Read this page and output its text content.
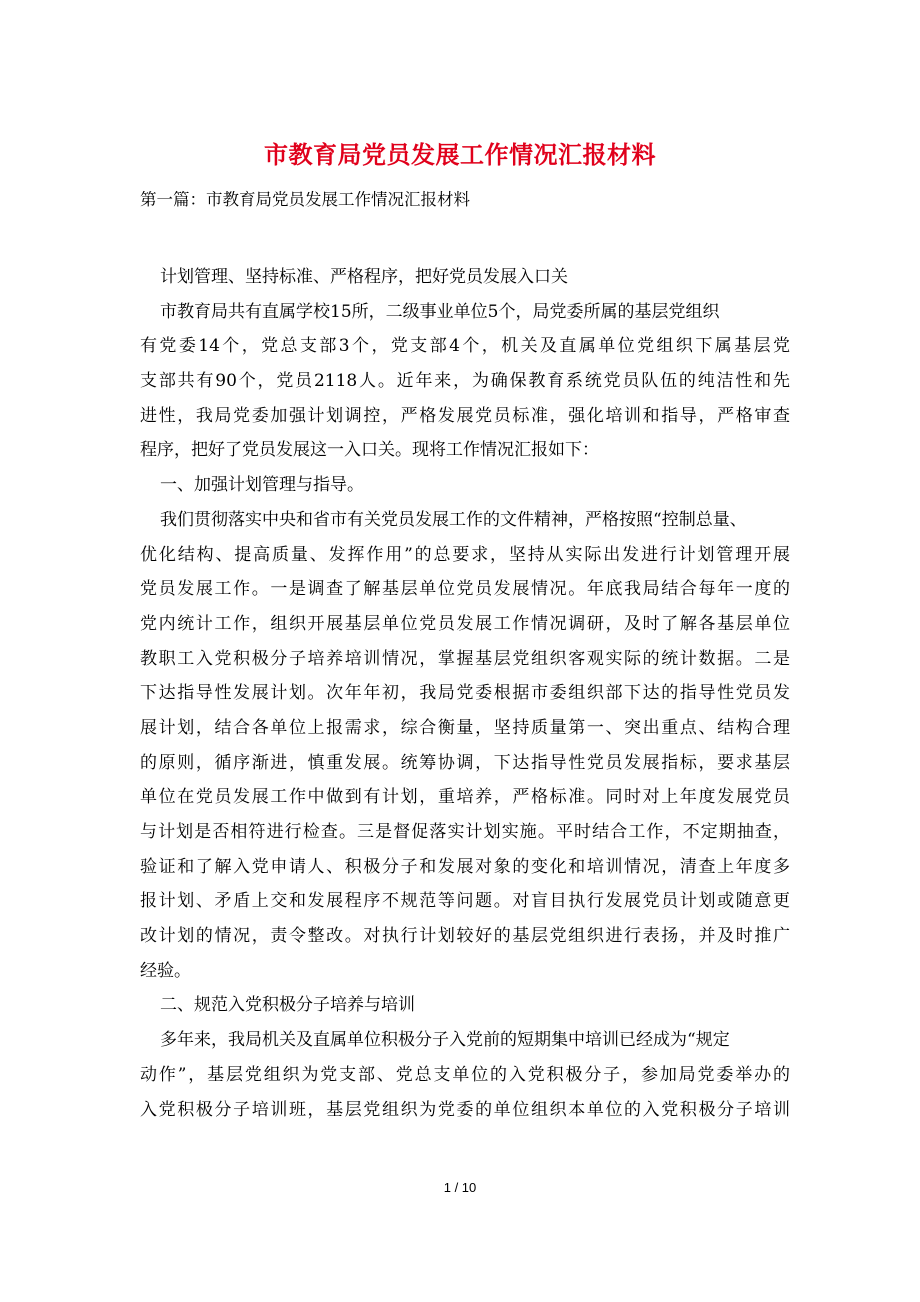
市教育局党员发展工作情况汇报材料
第一篇：市教育局党员发展工作情况汇报材料
计划管理、坚持标准、严格程序，把好党员发展入口关
市教育局共有直属学校15所，二级事业单位5个，局党委所属的基层党组织
有党委14个，党总支部3个，党支部4个，机关及直属单位党组织下属基层党
支部共有90个，党员2118人。近年来，为确保教育系统党员队伍的纯洁性和先
进性，我局党委加强计划调控，严格发展党员标准，强化培训和指导，严格审查
程序，把好了党员发展这一入口关。现将工作情况汇报如下：
一、加强计划管理与指导。
我们贯彻落实中央和省市有关党员发展工作的文件精神，严格按照“控制总量、
优化结构、提高质量、发挥作用”的总要求，坚持从实际出发进行计划管理开展
党员发展工作。一是调查了解基层单位党员发展情况。年底我局结合每年一度的
党内统计工作，组织开展基层单位党员发展工作情况调研，及时了解各基层单位
教职工入党积极分子培养培训情况，掌握基层党组织客观实际的统计数据。二是
下达指导性发展计划。次年年初，我局党委根据市委组织部下达的指导性党员发
展计划，结合各单位上报需求，综合衡量，坚持质量第一、突出重点、结构合理
的原则，循序渐进，慎重发展。统筹协调，下达指导性党员发展指标，要求基层
单位在党员发展工作中做到有计划，重培养，严格标准。同时对上年度发展党员
与计划是否相符进行检查。三是督促落实计划实施。平时结合工作，不定期抽查，
验证和了解入党申请人、积极分子和发展对象的变化和培训情况，清查上年度多
报计划、矛盾上交和发展程序不规范等问题。对盲目执行发展党员计划或随意更
改计划的情况，责令整改。对执行计划较好的基层党组织进行表扬，并及时推广
经验。
二、规范入党积极分子培养与培训
多年来，我局机关及直属单位积极分子入党前的短期集中培训已经成为“规定
动作”，基层党组织为党支部、党总支单位的入党积极分子，参加局党委举办的
入党积极分子培训班，基层党组织为党委的单位组织本单位的入党积极分子培训
1 / 10
